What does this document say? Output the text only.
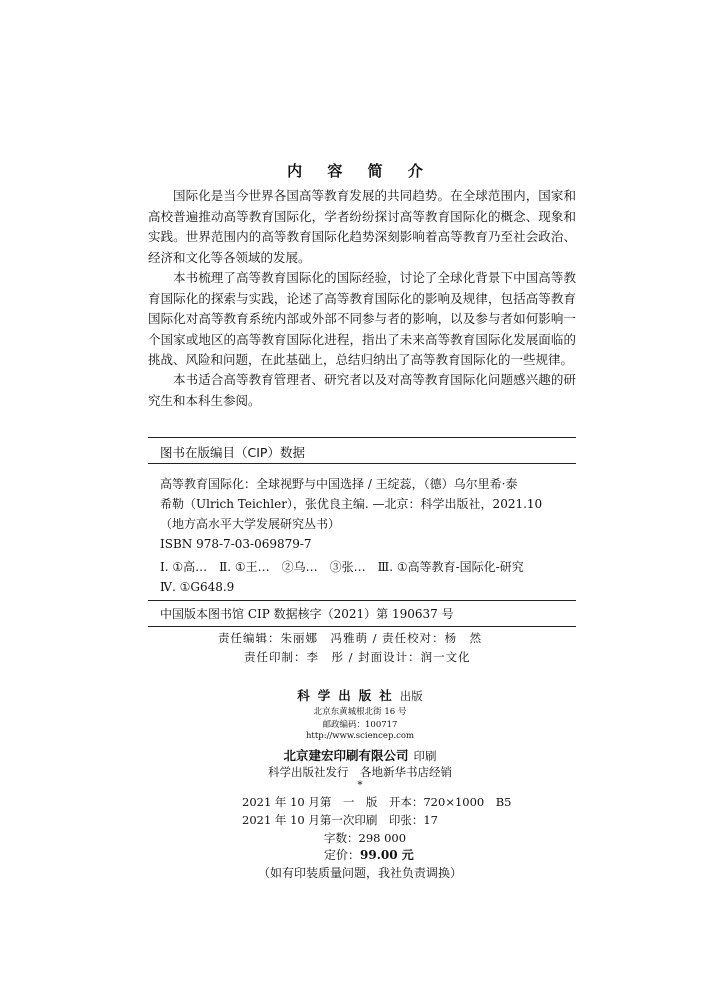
内 容 简 介

国际化是当今世界各国高等教育发展的共同趋势。在全球范围内，国家和高校普遍推动高等教育国际化，学者纷纷探讨高等教育国际化的概念、现象和实践。世界范围内的高等教育国际化趋势深刻影响着高等教育乃至社会政治、经济和文化等各领域的发展。

本书梳理了高等教育国际化的国际经验，讨论了全球化背景下中国高等教育国际化的探索与实践，论述了高等教育国际化的影响及规律，包括高等教育国际化对高等教育系统内部或外部不同参与者的影响，以及参与者如何影响一个国家或地区的高等教育国际化进程，指出了未来高等教育国际化发展面临的挑战、风险和问题，在此基础上，总结归纳出了高等教育国际化的一些规律。

本书适合高等教育管理者、研究者以及对高等教育国际化问题感兴趣的研究生和本科生参阅。

图书在版编目（CIP）数据

高等教育国际化：全球视野与中国选择 / 王绽蕊，（德）乌尔里希·泰

希勒（Ulrich Teichler），张优良主编. —北京：科学出版社，2021.10

（地方高水平大学发展研究丛书）

ISBN 978-7-03-069879-7

Ⅰ. ①高…　Ⅱ. ①王…　②乌…　③张…　Ⅲ. ①高等教育-国际化-研究

Ⅳ. ①G648.9

中国版本图书馆 CIP 数据核字（2021）第 190637 号

责任编辑：朱丽娜　冯雅萌 / 责任校对：杨　然
责任印制：李　彤 / 封面设计：润一文化
科学出版社出版
北京东黄城根北街 16 号
邮政编码：100717
http://www.sciencep.com
北京建宏印刷有限公司 印刷
科学出版社发行　各地新华书店经销
*
2021 年 10 月第　一　版　开本：720×1000　B5
2021 年 10 月第一次印刷　印张：17
字数：298 000
定价：99.00 元
（如有印装质量问题，我社负责调换）
